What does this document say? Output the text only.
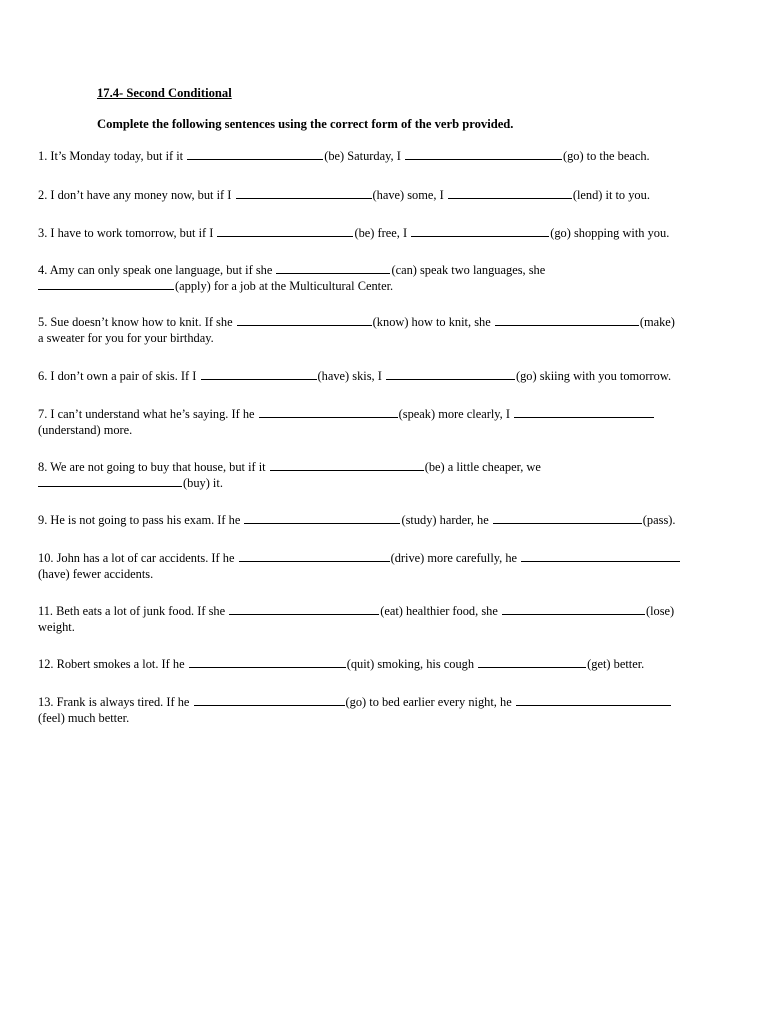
17.4- Second Conditional
Complete the following sentences using the correct form of the verb provided.
1. It’s Monday today, but if it	(be) Saturday, I	(go) to the beach.
2. I don’t have any money now, but if I	(have) some, I	(lend) it to you.
3. I have to work tomorrow, but if I	(be) free, I	(go) shopping with you.
4. Amy can only speak one language, but if she	(can) speak two languages, she
(apply) for a job at the Multicultural Center.
5. Sue doesn’t know how to knit. If she	(know) how to knit, she	(make)
a sweater for you for your birthday.
6. I don’t own a pair of skis. If I	(have) skis, I	(go) skiing with you tomorrow.
7. I can’t understand what he’s saying. If he	(speak) more clearly, I
(understand) more.
8. We are not going to buy that house, but if it	(be) a little cheaper, we
(buy) it.
9. He is not going to pass his exam. If he	(study) harder, he	(pass).
10. John has a lot of car accidents. If he	(drive) more carefully, he
(have) fewer accidents.
11. Beth eats a lot of junk food. If she	(eat) healthier food, she	(lose)
weight.
12. Robert smokes a lot. If he	(quit) smoking, his cough	(get) better.
13. Frank is always tired. If he	(go) to bed earlier every night, he
(feel) much better.
